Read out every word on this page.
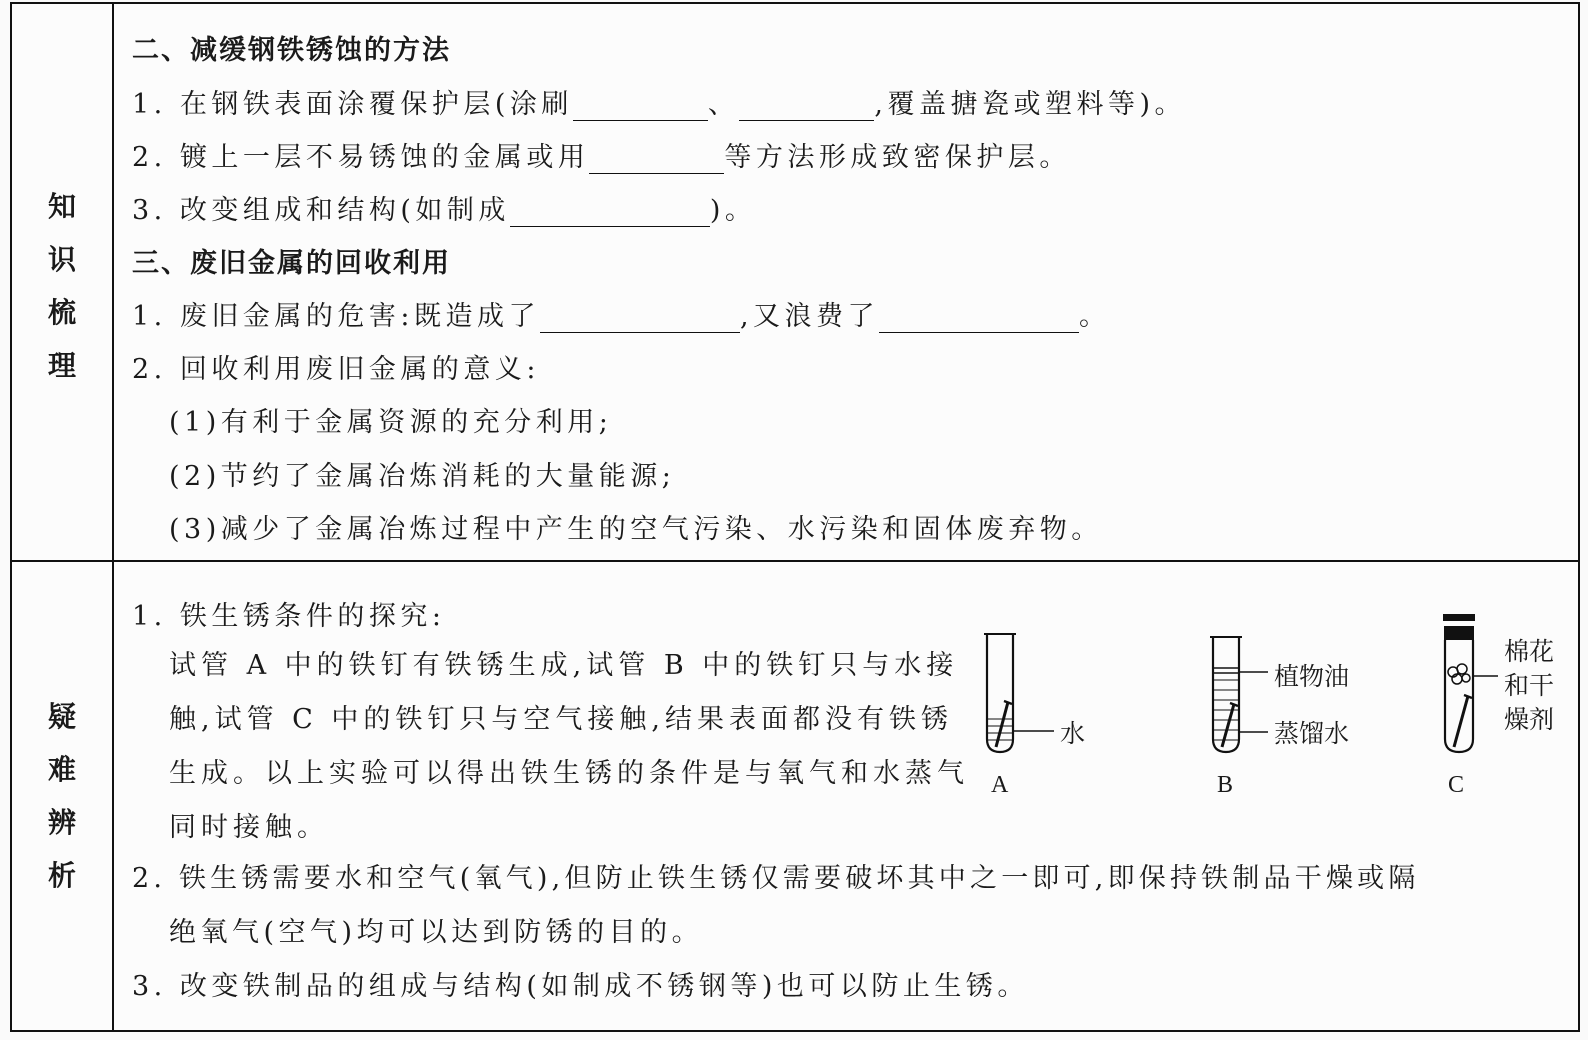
知
识
梳
理
二、减缓钢铁锈蚀的方法
1. 在钢铁表面涂覆保护层(涂刷	、	,覆盖搪瓷或塑料等)。
2. 镀上一层不易锈蚀的金属或用	等方法形成致密保护层。
3. 改变组成和结构(如制成	)。
三、废旧金属的回收利用
1. 废旧金属的危害:既造成了	,又浪费了	。
2. 回收利用废旧金属的意义:
(1)有利于金属资源的充分利用;
(2)节约了金属冶炼消耗的大量能源;
(3)减少了金属冶炼过程中产生的空气污染、水污染和固体废弃物。
疑
难
辨
析
1. 铁生锈条件的探究:
试管 A 中的铁钉有铁锈生成,试管 B 中的铁钉只与水接触,试管 C 中的铁钉只与空气接触,结果表面都没有铁锈生成。以上实验可以得出铁生锈的条件是与氧气和水蒸气同时接触。
2. 铁生锈需要水和空气(氧气),但防止铁生锈仅需要破坏其中之一即可,即保持铁制品干燥或隔
绝氧气(空气)均可以达到防锈的目的。
3. 改变铁制品的组成与结构(如制成不锈钢等)也可以防止生锈。
水
植物油
蒸馏水
棉花
和干
燥剂
A	B	C
